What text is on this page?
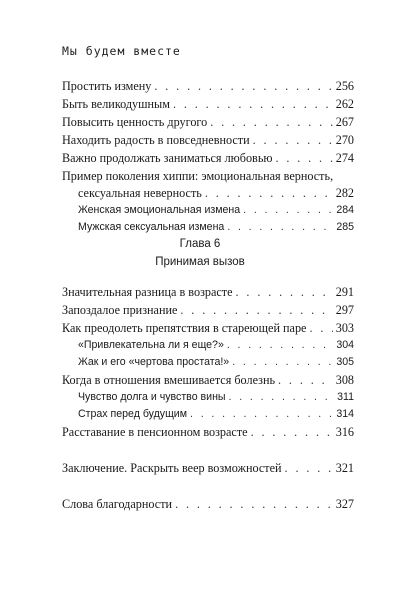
Мы будем вместе
Простить измену . . .	256
Быть великодушным . . .	262
Повысить ценность другого . . .	267
Находить радость в повседневности . . .	270
Важно продолжать заниматься любовью . . .	274
Пример поколения хиппи: эмоциональная верность,
сексуальная неверность . . .	282
Женская эмоциональная измена . . .	284
Мужская сексуальная измена . . .	285
Глава 6
Принимая вызов
Значительная разница в возрасте . . .	291
Запоздалое признание . . .	297
Как преодолеть препятствия в стареющей паре . . . 303
«Привлекательна ли я еще?» . . .	304
Жак и его «чертова простата!» . . .	305
Когда в отношения вмешивается болезнь . . .	308
Чувство долга и чувство вины . . .	311
Страх перед будущим . . .	314
Расставание в пенсионном возрасте . . .	316
Заключение. Раскрыть веер возможностей . . .	321
Слова благодарности . . .	327
